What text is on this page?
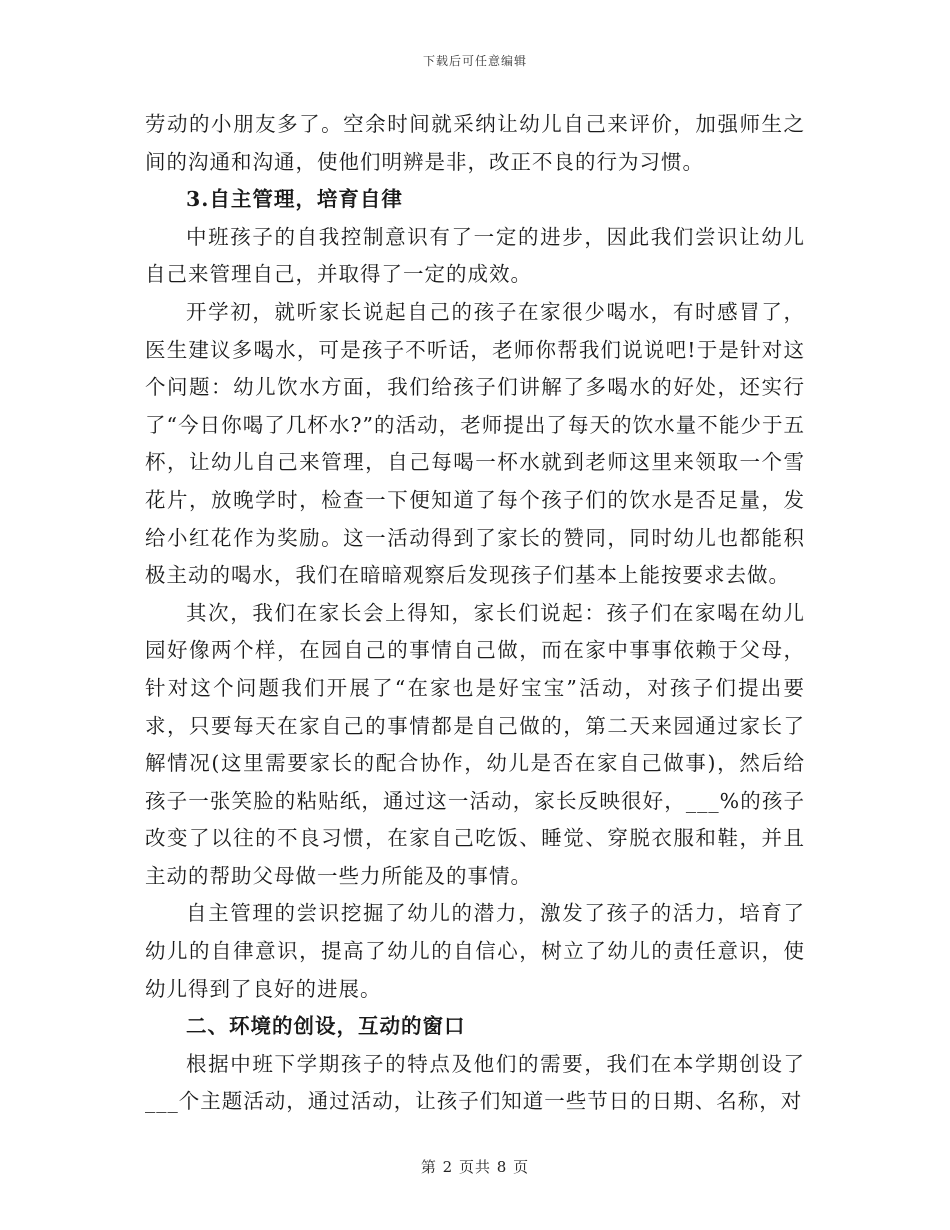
下载后可任意编辑

劳动的小朋友多了。空余时间就采纳让幼儿自己来评价，加强师生之间的沟通和沟通，使他们明辨是非，改正不良的行为习惯。

3.自主管理，培育自律

中班孩子的自我控制意识有了一定的进步，因此我们尝识让幼儿自己来管理自己，并取得了一定的成效。

开学初，就听家长说起自己的孩子在家很少喝水，有时感冒了，医生建议多喝水，可是孩子不听话，老师你帮我们说说吧!于是针对这个问题：幼儿饮水方面，我们给孩子们讲解了多喝水的好处，还实行了“今日你喝了几杯水?”的活动，老师提出了每天的饮水量不能少于五杯，让幼儿自己来管理，自己每喝一杯水就到老师这里来领取一个雪花片，放晚学时，检查一下便知道了每个孩子们的饮水是否足量，发给小红花作为奖励。这一活动得到了家长的赞同，同时幼儿也都能积极主动的喝水，我们在暗暗观察后发现孩子们基本上能按要求去做。

其次，我们在家长会上得知，家长们说起：孩子们在家喝在幼儿园好像两个样，在园自己的事情自己做，而在家中事事依赖于父母，针对这个问题我们开展了“在家也是好宝宝”活动，对孩子们提出要求，只要每天在家自己的事情都是自己做的，第二天来园通过家长了解情况(这里需要家长的配合协作，幼儿是否在家自己做事)，然后给孩子一张笑脸的粘贴纸，通过这一活动，家长反映很好，___%的孩子改变了以往的不良习惯，在家自己吃饭、睡觉、穿脱衣服和鞋，并且主动的帮助父母做一些力所能及的事情。

自主管理的尝识挖掘了幼儿的潜力，激发了孩子的活力，培育了幼儿的自律意识，提高了幼儿的自信心，树立了幼儿的责任意识，使幼儿得到了良好的进展。

二、环境的创设，互动的窗口

根据中班下学期孩子的特点及他们的需要，我们在本学期创设了___个主题活动，通过活动，让孩子们知道一些节日的日期、名称，对

第 2 页共 8 页
